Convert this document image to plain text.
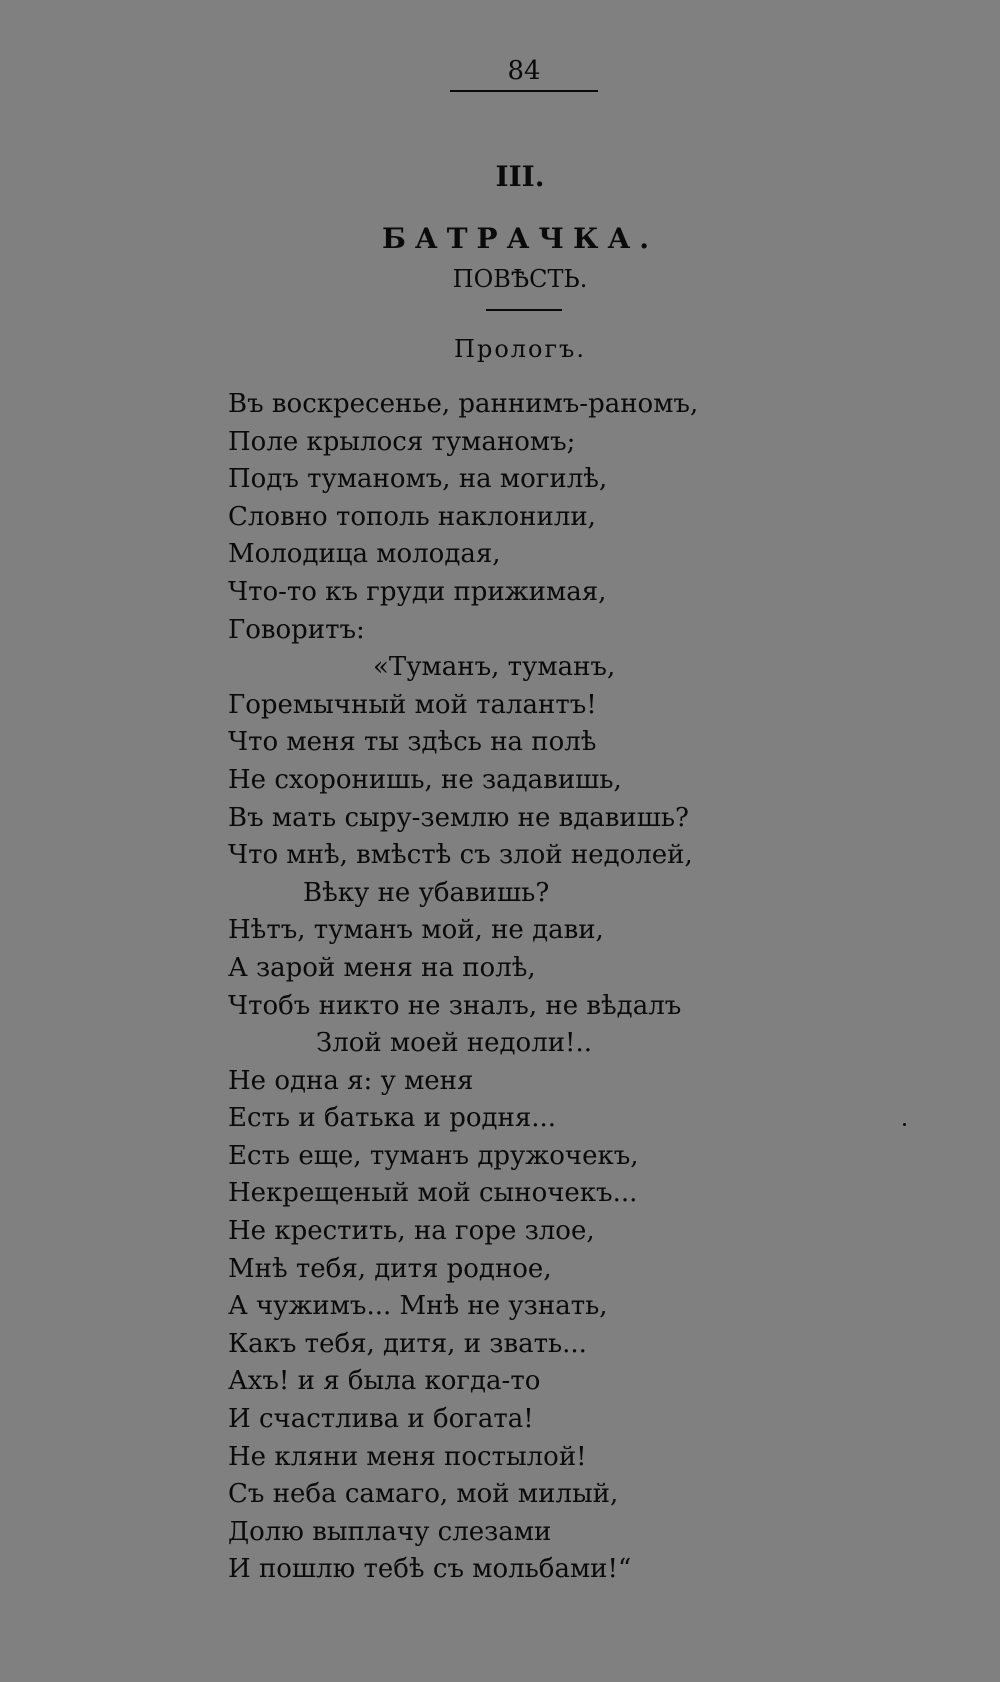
84
III.
БАТРАЧКА.
ПОВѢСТЬ.
Прологъ.
Въ воскресенье, раннимъ-раномъ,
Поле крылося туманомъ;
Подъ туманомъ, на могилѣ,
Словно тополь наклонили,
Молодица молодая,
Что-то къ груди прижимая,
Говоритъ:
«Туманъ, туманъ,
Горемычный мой талантъ!
Что меня ты здѣсь на полѣ
Не схоронишь, не задавишь,
Въ мать сыру-землю не вдавишь?
Что мнѣ, вмѣстѣ съ злой недолей,
Вѣку не убавишь?
Нѣтъ, туманъ мой, не дави,
А зарой меня на полѣ,
Чтобъ никто не зналъ, не вѣдалъ
Злой моей недоли!..
Не одна я: у меня
Есть и батька и родня...
Есть еще, туманъ дружочекъ,
Некрещеный мой сыночекъ...
Не крестить, на горе злое,
Мнѣ тебя, дитя родное,
А чужимъ... Мнѣ не узнать,
Какъ тебя, дитя, и звать...
Ахъ! и я была когда-то
И счастлива и богата!
Не кляни меня постылой!
Съ неба самаго, мой милый,
Долю выплачу слезами
И пошлю тебѣ съ мольбами!“
